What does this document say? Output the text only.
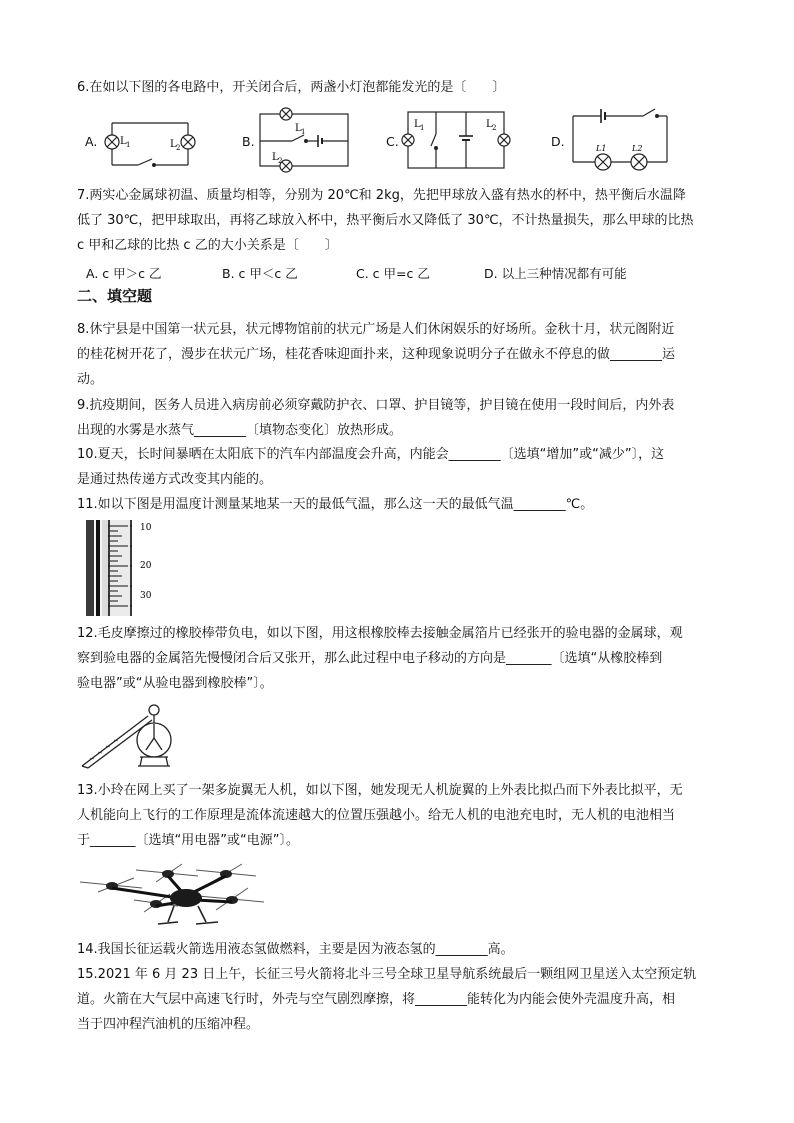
6.在如以下图的各电路中，开关闭合后，两盏小灯泡都能发光的是〔　　〕
A. L 1	L 2	B.
L 1
L 2
C.
L 1	L 2
D.	L1	L2
7.两实心金属球初温、质量均相等，分别为 20℃和 2kg，先把甲球放入盛有热水的杯中，热平衡后水温降
低了 30℃，把甲球取出，再将乙球放入杯中，热平衡后水又降低了 30℃，不计热量损失，那么甲球的比热
c 甲和乙球的比热 c 乙的大小关系是〔　　〕
A. c 甲＞c 乙	B. c 甲＜c 乙	C. c 甲=c 乙	D. 以上三种情况都有可能
二、填空题
8.休宁县是中国第一状元县，状元博物馆前的状元广场是人们休闲娱乐的好场所。金秋十月，状元阁附近
的桂花树开花了，漫步在状元广场，桂花香味迎面扑来，这种现象说明分子在做永不停息的做________运
动。
9.抗疫期间，医务人员进入病房前必须穿戴防护衣、口罩、护目镜等，护目镜在使用一段时间后，内外表
出现的水雾是水蒸气________〔填物态变化〕放热形成。
10.夏天，长时间暴晒在太阳底下的汽车内部温度会升高，内能会________〔选填“增加”或“减少”〕，这
是通过热传递方式改变其内能的。
11.如以下图是用温度计测量某地某一天的最低气温，那么这一天的最低气温________℃。
10
20
30
12.毛皮摩擦过的橡胶棒带负电，如以下图，用这根橡胶棒去接触金属箔片已经张开的验电器的金属球，观
察到验电器的金属箔先慢慢闭合后又张开，那么此过程中电子移动的方向是_______〔选填“从橡胶棒到
验电器”或“从验电器到橡胶棒”〕。
13.小玲在网上买了一架多旋翼无人机，如以下图，她发现无人机旋翼的上外表比拟凸而下外表比拟平，无
人机能向上飞行的工作原理是流体流速越大的位置压强越小。给无人机的电池充电时，无人机的电池相当
于_______〔选填“用电器”或“电源”〕。
14.我国长征运载火箭选用液态氢做燃料，主要是因为液态氢的________高。
15.2021 年 6 月 23 日上午，长征三号火箭将北斗三号全球卫星导航系统最后一颗组网卫星送入太空预定轨
道。火箭在大气层中高速飞行时，外壳与空气剧烈摩擦，将________能转化为内能会使外壳温度升高，相
当于四冲程汽油机的压缩冲程。
